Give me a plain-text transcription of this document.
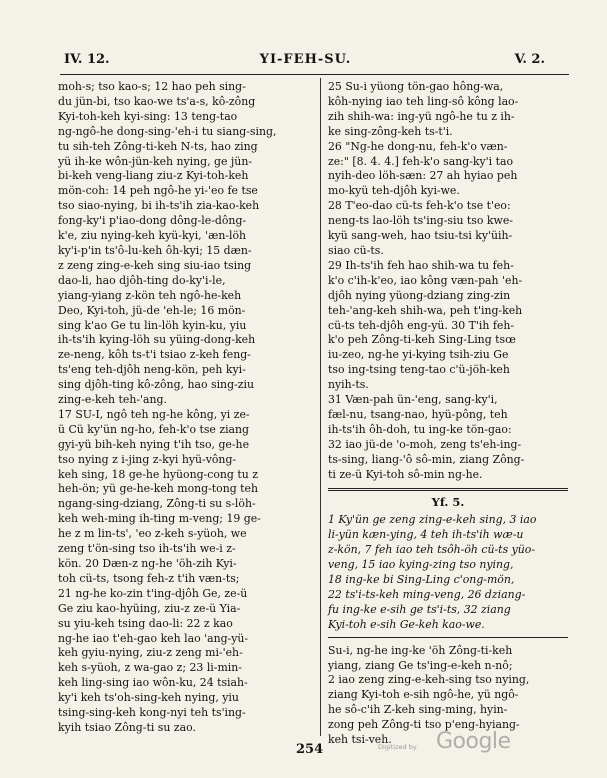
IV. 12.	YI-FEH-SU.	V. 2.

moh-s; tso kao-s; 12 hao peh sing-

du jün-bi, tso kao-we ts'a-s, kô-zông

Kyi-toh-keh kyi-sing: 13 teng-tao

ng-ngô-he dong-sing-'eh-i tu siang-sing,

tu sih-teh Zông-ti-keh N-ts, hao zing

yü ih-ke wôn-jün-keh nying, ge jün-

bi-keh veng-liang ziu-z Kyi-toh-keh

mön-coh: 14 peh ngô-he yi-'eo fe tse

tso siao-nying, bi ih-ts'ih zia-kao-keh

fong-ky'i p'iao-dong dông-le-dông-

k'e, ziu nying-keh kyü-kyi, 'æn-löh

ky'i-p'in ts'ô-lu-keh ôh-kyi; 15 dæn-

z zeng zing-e-keh sing siu-iao tsing

dao-li, hao djôh-ting do-ky'i-le,

yiang-yiang z-kön teh ngô-he-keh

Deo, Kyi-toh, jü-de 'eh-le; 16 mön-

sing k'ao Ge tu lin-löh kyin-ku, yiu

ih-ts'ih kying-löh su yüing-dong-keh

ze-neng, kôh ts-t'i tsiao z-keh feng-

ts'eng teh-djôh neng-kön, peh kyi-

sing djôh-ting kô-zông, hao sing-ziu

zing-e-keh teh-'ang.

17 SU-I, ngô teh ng-he kông, yi ze-

ü Cü ky'ün ng-ho, feh-k'o tse ziang

gyi-yü bih-keh nying t'ih tso, ge-he

tso nying z i-jing z-kyi hyü-vông-

keh sing, 18 ge-he hyüong-cong tu z

heh-ön; yü ge-he-keh mong-tong teh

ngang-sing-dziang, Zông-ti su s-löh-

keh weh-ming ih-ting m-veng; 19 ge-

he z m lin-ts', 'eo z-keh s-yüoh, we

zeng t'ön-sing tso ih-ts'ih we-i z-

kön. 20 Dæn-z ng-he 'öh-zih Kyi-

toh cü-ts, tsong feh-z t'ih væn-ts;

21 ng-he ko-zin t'ing-djôh Ge, ze-ü

Ge ziu kao-hyüing, ziu-z ze-ü Yia-

su yiu-keh tsing dao-li: 22 z kao

ng-he iao t'eh-gao keh lao 'ang-yü-

keh gyiu-nying, ziu-z zeng mi-'eh-

keh s-yüoh, z wa-gao z; 23 li-min-

keh ling-sing iao wôn-ku, 24 tsiah-

ky'i keh ts'oh-sing-keh nying, yiu

tsing-sing-keh kong-nyi teh ts'ing-

kyih tsiao Zông-ti su zao.

25 Su-i yüong tön-gao hông-wa,

kôh-nying iao teh ling-sô kông lao-

zih shih-wa: ing-yü ngô-he tu z ih-

ke sing-zông-keh ts-t'i.

26 "Ng-he dong-nu, feh-k'o væn-

ze:" [8. 4. 4.] feh-k'o sang-ky'i tao

nyih-deo löh-sæn: 27 ah hyiao peh

mo-kyü teh-djôh kyi-we.

28 T'eo-dao cü-ts feh-k'o tse t'eo:

neng-ts lao-löh ts'ing-siu tso kwe-

kyü sang-weh, hao tsiu-tsi ky'üih-

siao cü-ts.

29 Ih-ts'ih feh hao shih-wa tu feh-

k'o c'ih-k'eo, iao kông væn-pah 'eh-

djôh nying yüong-dziang zing-zin

teh-'ang-keh shih-wa, peh t'ing-keh

cü-ts teh-djôh eng-yü. 30 T'ih feh-

k'o peh Zông-ti-keh Sing-Ling tsœ

iu-zeo, ng-he yi-kying tsih-ziu Ge

tso ing-tsing teng-tao c'ü-jöh-keh

nyih-ts.

31 Væn-pah ün-'eng, sang-ky'i,

fæl-nu, tsang-nao, hyü-pông, teh

ih-ts'ih ôh-doh, tu ing-ke tön-gao:

32 iao jü-de 'o-moh, zeng ts'eh-ing-

ts-sing, liang-'ô sô-min, ziang Zông-

ti ze-ü Kyi-toh sô-min ng-he.

Yf. 5.

1 Ky'ün ge zeng zing-e-keh sing, 3 iao

li-yün kæn-ying, 4 teh ih-ts'ih wæ-u

z-kön, 7 feh iao teh tsôh-öh cü-ts yüo-

veng, 15 iao kying-zing tso nying,

18 ing-ke bi Sing-Ling c'ong-mön,

22 ts'i-ts-keh ming-veng, 26 dziang-

fu ing-ke e-sih ge ts'i-ts, 32 ziang

Kyi-toh e-sih Ge-keh kao-we.

Su-i, ng-he ing-ke 'öh Zông-ti-keh

yiang, ziang Ge ts'ing-e-keh n-nô;

2 iao zeng zing-e-keh-sing tso nying,

ziang Kyi-toh e-sih ngô-he, yü ngô-

he sô-c'ih Z-keh sing-ming, hyin-

zong peh Zông-ti tso p'eng-hyiang-

keh tsi-veh.

254	Digitized by Google
